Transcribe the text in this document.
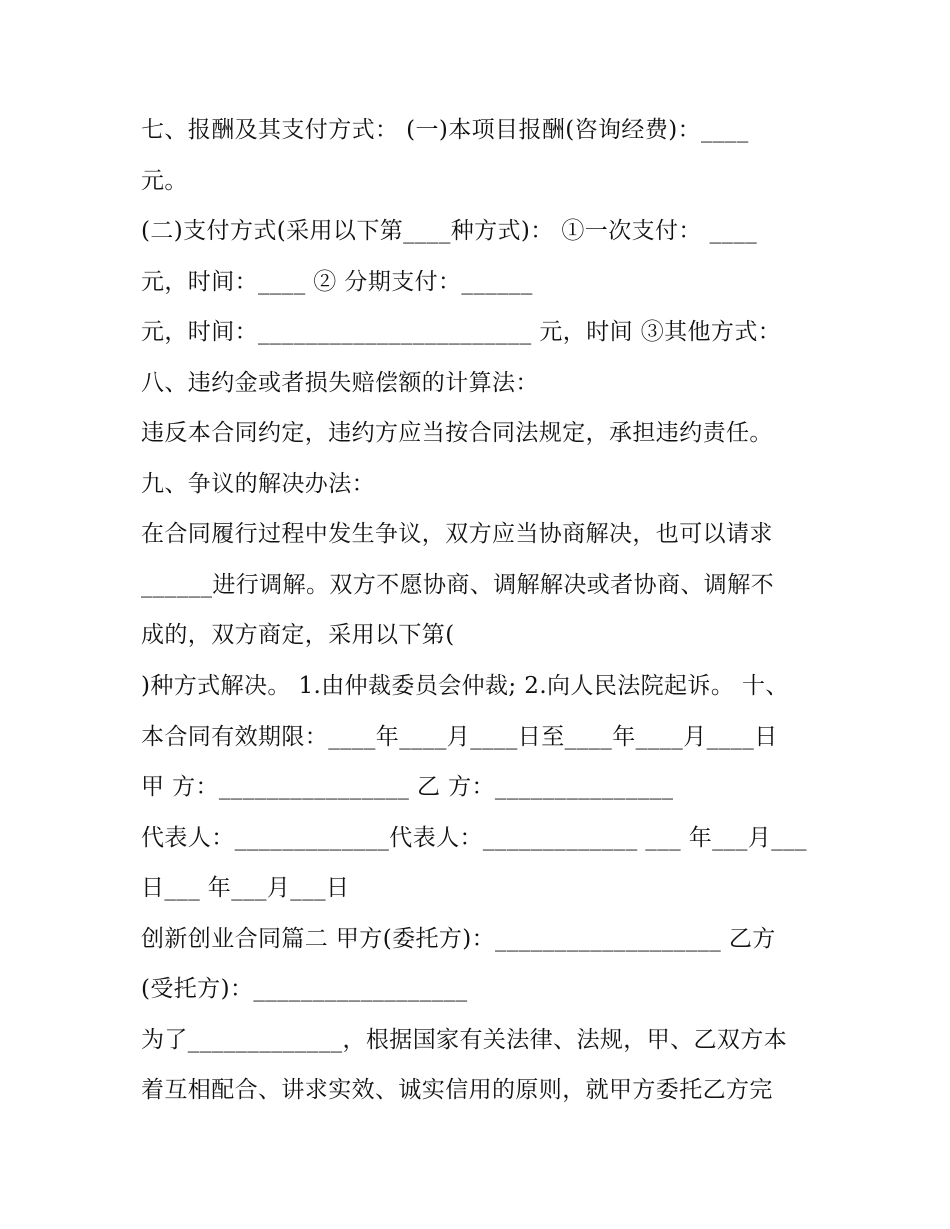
七、报酬及其支付方式： (一)本项目报酬(咨询经费)：____
元。
(二)支付方式(采用以下第____种方式)： ①一次支付： ____
元，时间：____ ② 分期支付：______
元，时间：_______________________ 元，时间 ③其他方式：
八、违约金或者损失赔偿额的计算法：
违反本合同约定，违约方应当按合同法规定，承担违约责任。
九、争议的解决办法：
在合同履行过程中发生争议，双方应当协商解决，也可以请求
______进行调解。双方不愿协商、调解解决或者协商、调解不
成的，双方商定，采用以下第(
)种方式解决。 1.由仲裁委员会仲裁; 2.向人民法院起诉。 十、
本合同有效期限：____年____月____日至____年____月____日
甲 方：________________ 乙 方：_______________
代表人：_____________代表人：_____________ ___ 年___月___
日___ 年___月___日
创新创业合同篇二 甲方(委托方)：___________________ 乙方
(受托方)：__________________
为了_____________，根据国家有关法律、法规，甲、乙双方本
着互相配合、讲求实效、诚实信用的原则，就甲方委托乙方完
